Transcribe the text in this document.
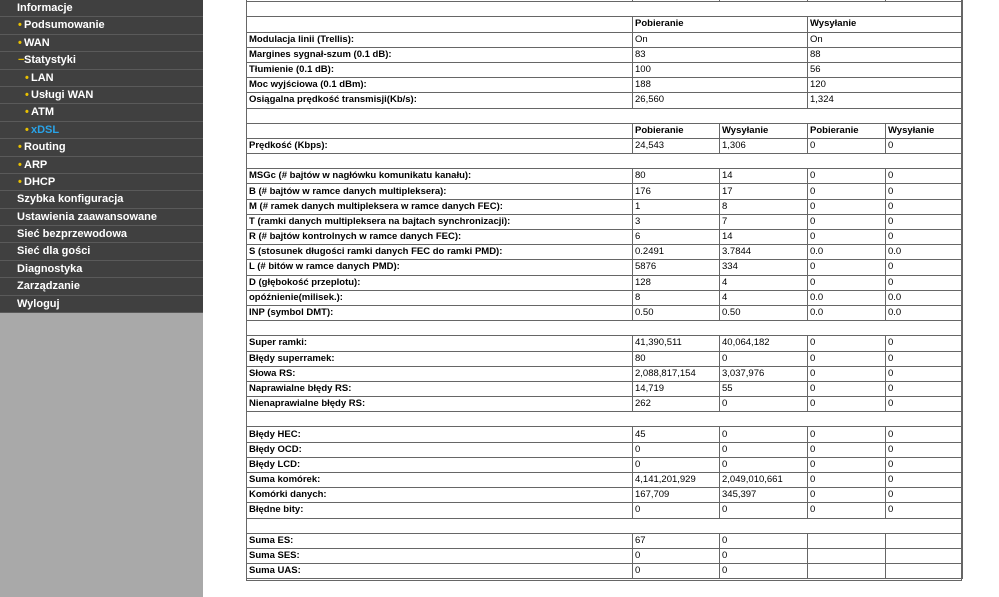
Informacje
• Podsumowanie
• WAN
−Statystyki
• LAN
• Usługi WAN
• ATM
• xDSL
• Routing
• ARP
• DHCP
Szybka konfiguracja
Ustawienia zaawansowane
Sieć bezprzewodowa
Sieć dla gości
Diagnostyka
Zarządzanie
Wyloguj

	Pobieranie		Wysyłanie	
Modulacja linii (Trellis):	On		On	
Margines sygnał-szum (0.1 dB):	83		88	
Tłumienie (0.1 dB):	100		56	
Moc wyjściowa (0.1 dBm):	188		120	
Osiągalna prędkość transmisji(Kb/s):	26,560		1,324	

	Pobieranie	Wysyłanie	Pobieranie	Wysyłanie
Prędkość (Kbps):	24,543	1,306	0	0

MSGc (# bajtów w nagłówku komunikatu kanału):	80	14	0	0
B (# bajtów w ramce danych multipleksera):	176	17	0	0
M (# ramek danych multipleksera w ramce danych FEC):	1	8	0	0
T (ramki danych multipleksera na bajtach synchronizacji):	3	7	0	0
R (# bajtów kontrolnych w ramce danych FEC):	6	14	0	0
S (stosunek długości ramki danych FEC do ramki PMD):	0.2491	3.7844	0.0	0.0
L (# bitów w ramce danych PMD):	5876	334	0	0
D (głębokość przeplotu):	128	4	0	0
opóźnienie(milisek.):	8	4	0.0	0.0
INP (symbol DMT):	0.50	0.50	0.0	0.0

Super ramki:	41,390,511	40,064,182	0	0
Błędy superramek:	80	0	0	0
Słowa RS:	2,088,817,154	3,037,976	0	0
Naprawialne błędy RS:	14,719	55	0	0
Nienaprawialne błędy RS:	262	0	0	0

Błędy HEC:	45	0	0	0
Błędy OCD:	0	0	0	0
Błędy LCD:	0	0	0	0
Suma komórek:	4,141,201,929	2,049,010,661	0	0
Komórki danych:	167,709	345,397	0	0
Błędne bity:	0	0	0	0

Suma ES:	67	0		
Suma SES:	0	0		
Suma UAS:	0	0		
